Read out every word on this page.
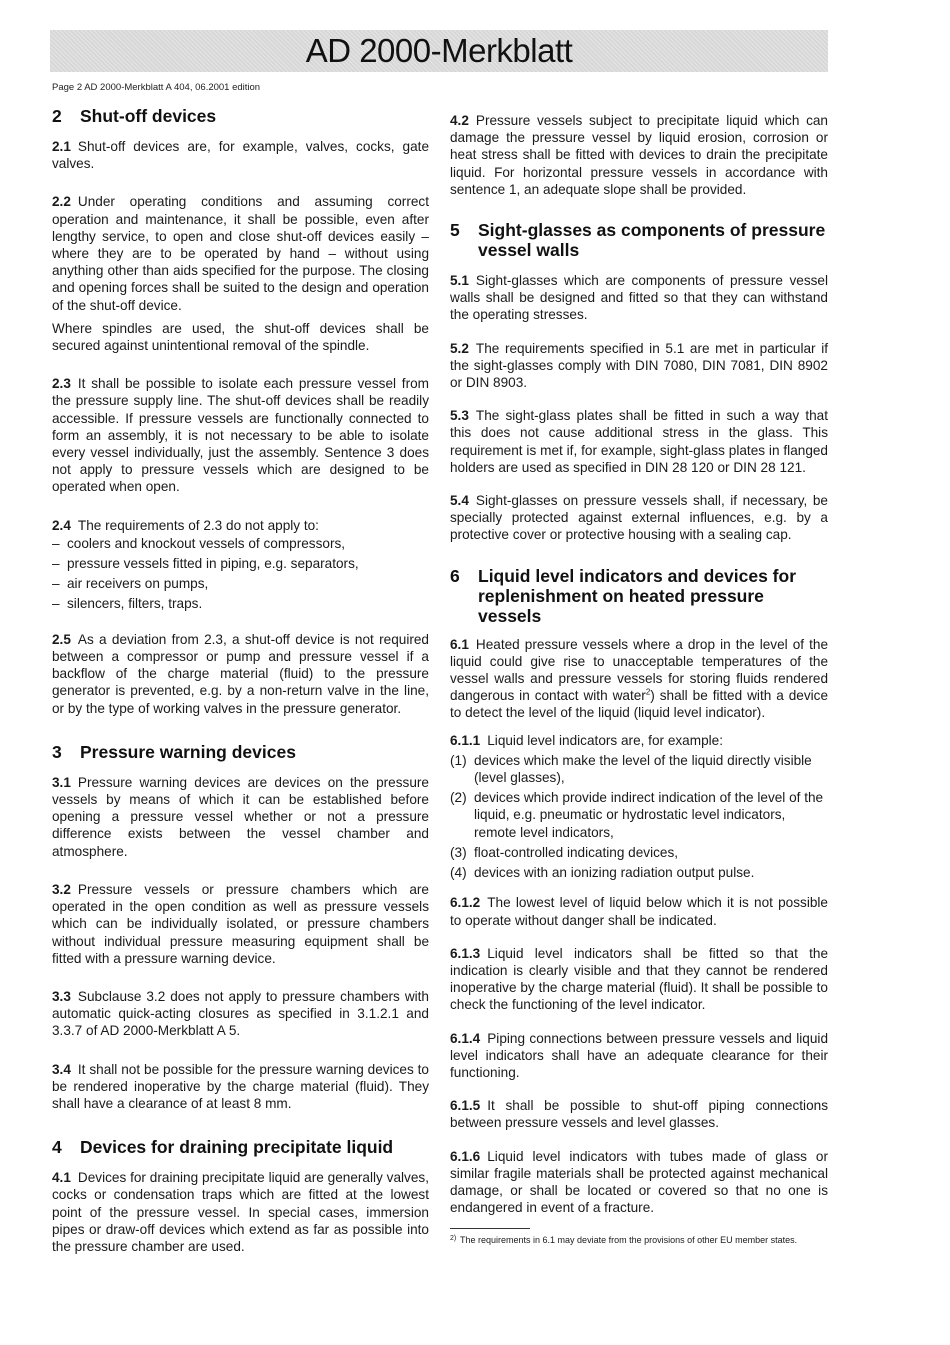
AD 2000-Merkblatt
Page 2 AD 2000-Merkblatt A 404, 06.2001 edition
2 Shut-off devices

2.1 Shut-off devices are, for example, valves, cocks, gate valves.

2.2 Under operating conditions and assuming correct operation and maintenance, it shall be possible, even after lengthy service, to open and close shut-off devices easily – where they are to be operated by hand – without using anything other than aids specified for the purpose. The closing and opening forces shall be suited to the design and operation of the shut-off device.

Where spindles are used, the shut-off devices shall be secured against unintentional removal of the spindle.

2.3 It shall be possible to isolate each pressure vessel from the pressure supply line. The shut-off devices shall be readily accessible. If pressure vessels are functionally connected to form an assembly, it is not necessary to be able to isolate every vessel individually, just the assembly. Sentence 3 does not apply to pressure vessels which are designed to be operated when open.

2.4 The requirements of 2.3 do not apply to:

– coolers and knockout vessels of compressors,
– pressure vessels fitted in piping, e.g. separators,
– air receivers on pumps,
– silencers, filters, traps.

2.5 As a deviation from 2.3, a shut-off device is not required between a compressor or pump and pressure vessel if a backflow of the charge material (fluid) to the pressure generator is prevented, e.g. by a non-return valve in the line, or by the type of working valves in the pressure generator.

3 Pressure warning devices

3.1 Pressure warning devices are devices on the pressure vessels by means of which it can be established before opening a pressure vessel whether or not a pressure difference exists between the vessel chamber and atmosphere.

3.2 Pressure vessels or pressure chambers which are operated in the open condition as well as pressure vessels which can be individually isolated, or pressure chambers without individual pressure measuring equipment shall be fitted with a pressure warning device.

3.3 Subclause 3.2 does not apply to pressure chambers with automatic quick-acting closures as specified in 3.1.2.1 and 3.3.7 of AD 2000-Merkblatt A 5.

3.4 It shall not be possible for the pressure warning devices to be rendered inoperative by the charge material (fluid). They shall have a clearance of at least 8 mm.

4 Devices for draining precipitate liquid

4.1 Devices for draining precipitate liquid are generally valves, cocks or condensation traps which are fitted at the lowest point of the pressure vessel. In special cases, immersion pipes or draw-off devices which extend as far as possible into the pressure chamber are used.

4.2 Pressure vessels subject to precipitate liquid which can damage the pressure vessel by liquid erosion, corrosion or heat stress shall be fitted with devices to drain the precipitate liquid. For horizontal pressure vessels in accordance with sentence 1, an adequate slope shall be provided.

5 Sight-glasses as components of pressure vessel walls

5.1 Sight-glasses which are components of pressure vessel walls shall be designed and fitted so that they can withstand the operating stresses.

5.2 The requirements specified in 5.1 are met in particular if the sight-glasses comply with DIN 7080, DIN 7081, DIN 8902 or DIN 8903.

5.3 The sight-glass plates shall be fitted in such a way that this does not cause additional stress in the glass. This requirement is met if, for example, sight-glass plates in flanged holders are used as specified in DIN 28 120 or DIN 28 121.

5.4 Sight-glasses on pressure vessels shall, if necessary, be specially protected against external influences, e.g. by a protective cover or protective housing with a sealing cap.

6 Liquid level indicators and devices for replenishment on heated pressure vessels

6.1 Heated pressure vessels where a drop in the level of the liquid could give rise to unacceptable temperatures of the vessel walls and pressure vessels for storing fluids rendered dangerous in contact with water$^2$) shall be fitted with a device to detect the level of the liquid (liquid level indicator).

6.1.1 Liquid level indicators are, for example:

(1) devices which make the level of the liquid directly visible (level glasses),
(2) devices which provide indirect indication of the level of the liquid, e.g. pneumatic or hydrostatic level indicators, remote level indicators,
(3) float-controlled indicating devices,
(4) devices with an ionizing radiation output pulse.

6.1.2 The lowest level of liquid below which it is not possible to operate without danger shall be indicated.

6.1.3 Liquid level indicators shall be fitted so that the indication is clearly visible and that they cannot be rendered inoperative by the charge material (fluid). It shall be possible to check the functioning of the level indicator.

6.1.4 Piping connections between pressure vessels and liquid level indicators shall have an adequate clearance for their functioning.

6.1.5 It shall be possible to shut-off piping connections between pressure vessels and level glasses.

6.1.6 Liquid level indicators with tubes made of glass or similar fragile materials shall be protected against mechanical damage, or shall be located or covered so that no one is endangered in event of a fracture.

2) The requirements in 6.1 may deviate from the provisions of other EU member states.
